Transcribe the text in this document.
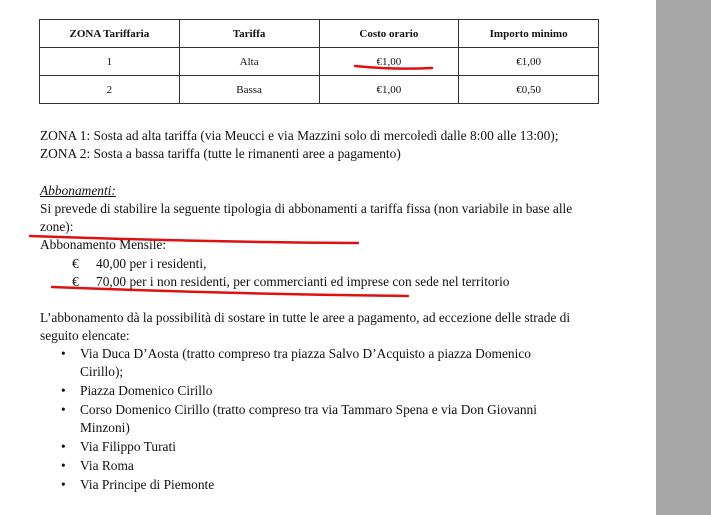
ZONA Tariffaria	Tariffa	Costo orario	Importo minimo
1	Alta	€1,00	€1,00
2	Bassa	€1,00	€0,50
ZONA 1: Sosta ad alta tariffa (via Meucci e via Mazzini solo di mercoledì dalle 8:00 alle 13:00);
ZONA 2: Sosta a bassa tariffa (tutte le rimanenti aree a pagamento)
Abbonamenti:
Si prevede di stabilire la seguente tipologia di abbonamenti a tariffa fissa (non variabile in base alle
zone):
Abbonamento Mensile:
€ 40,00 per i residenti,
€ 70,00 per i non residenti, per commercianti ed imprese con sede nel territorio
L’abbonamento dà la possibilità di sostare in tutte le aree a pagamento, ad eccezione delle strade di
seguito elencate:
• Via Duca D’Aosta (tratto compreso tra piazza Salvo D’Acquisto a piazza Domenico
Cirillo);
• Piazza Domenico Cirillo
• Corso Domenico Cirillo (tratto compreso tra via Tammaro Spena e via Don Giovanni
Minzoni)
• Via Filippo Turati
• Via Roma
• Via Principe di Piemonte
